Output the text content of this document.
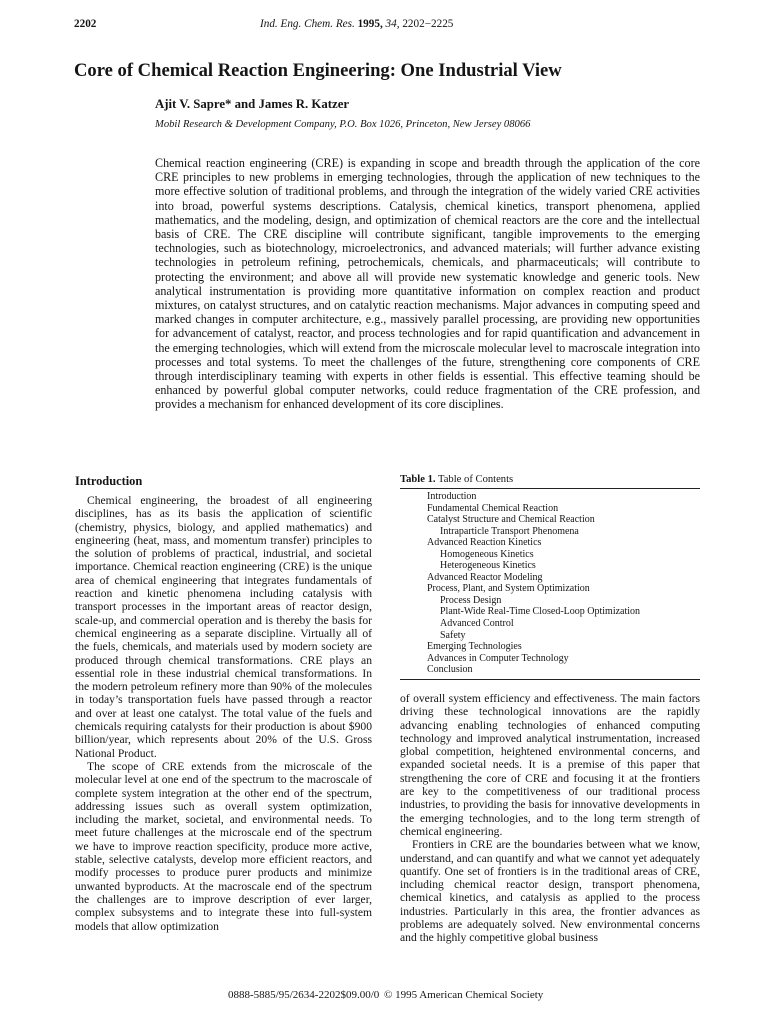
2202	Ind. Eng. Chem. Res. 1995, 34, 2202−2225
Core of Chemical Reaction Engineering: One Industrial View
Ajit V. Sapre* and James R. Katzer
Mobil Research & Development Company, P.O. Box 1026, Princeton, New Jersey 08066

Chemical reaction engineering (CRE) is expanding in scope and breadth through the application of the core CRE principles to new problems in emerging technologies, through the application of new techniques to the more effective solution of traditional problems, and through the integration of the widely varied CRE activities into broad, powerful systems descriptions. Catalysis, chemical kinetics, transport phenomena, applied mathematics, and the modeling, design, and optimization of chemical reactors are the core and the intellectual basis of CRE. The CRE discipline will contribute significant, tangible improvements to the emerging technologies, such as biotechnology, microelectronics, and advanced materials; will further advance existing technologies in petroleum refining, petrochemicals, chemicals, and pharmaceuticals; will contribute to protecting the environment; and above all will provide new systematic knowledge and generic tools. New analytical instrumentation is providing more quantitative information on complex reaction and product mixtures, on catalyst structures, and on catalytic reaction mechanisms. Major advances in computing speed and marked changes in computer architecture, e.g., massively parallel processing, are providing new opportunities for advancement of catalyst, reactor, and process technologies and for rapid quantification and advancement in the emerging technologies, which will extend from the microscale molecular level to macroscale integration into processes and total systems. To meet the challenges of the future, strengthening core components of CRE through interdisciplinary teaming with experts in other fields is essential. This effective teaming should be enhanced by powerful global computer networks, could reduce fragmentation of the CRE profession, and provides a mechanism for enhanced development of its core disciplines.

Introduction

Chemical engineering, the broadest of all engineering disciplines, has as its basis the application of scientific (chemistry, physics, biology, and applied mathematics) and engineering (heat, mass, and momentum transfer) principles to the solution of problems of practical, industrial, and societal importance. Chemical reaction engineering (CRE) is the unique area of chemical engineering that integrates fundamentals of reaction and kinetic phenomena including catalysis with transport processes in the important areas of reactor design, scale-up, and commercial operation and is thereby the basis for chemical engineering as a separate discipline. Virtually all of the fuels, chemicals, and materials used by modern society are produced through chemical transformations. CRE plays an essential role in these industrial chemical transformations. In the modern petroleum refinery more than 90% of the molecules in today’s transportation fuels have passed through a reactor and over at least one catalyst. The total value of the fuels and chemicals requiring catalysts for their production is about $900 billion/year, which represents about 20% of the U.S. Gross National Product.

The scope of CRE extends from the microscale of the molecular level at one end of the spectrum to the macroscale of complete system integration at the other end of the spectrum, addressing issues such as overall system optimization, including the market, societal, and environmental needs. To meet future challenges at the microscale end of the spectrum we have to improve reaction specificity, produce more active, stable, selective catalysts, develop more efficient reactors, and modify processes to produce purer products and minimize unwanted byproducts. At the macroscale end of the spectrum the challenges are to improve description of ever larger, complex subsystems and to integrate these into full-system models that allow optimization

Table 1. Table of Contents
Introduction
Fundamental Chemical Reaction
Catalyst Structure and Chemical Reaction
Intraparticle Transport Phenomena
Advanced Reaction Kinetics
Homogeneous Kinetics
Heterogeneous Kinetics
Advanced Reactor Modeling
Process, Plant, and System Optimization
Process Design
Plant-Wide Real-Time Closed-Loop Optimization
Advanced Control
Safety
Emerging Technologies
Advances in Computer Technology
Conclusion

of overall system efficiency and effectiveness. The main factors driving these technological innovations are the rapidly advancing enabling technologies of enhanced computing technology and improved analytical instrumentation, increased global competition, heightened environmental concerns, and expanded societal needs. It is a premise of this paper that strengthening the core of CRE and focusing it at the frontiers are key to the competitiveness of our traditional process industries, to providing the basis for innovative developments in the emerging technologies, and to the long term strength of chemical engineering.

Frontiers in CRE are the boundaries between what we know, understand, and can quantify and what we cannot yet adequately quantify. One set of frontiers is in the traditional areas of CRE, including chemical reactor design, transport phenomena, chemical kinetics, and catalysis as applied to the process industries. Particularly in this area, the frontier advances as problems are adequately solved. New environmental concerns and the highly competitive global business

0888-5885/95/2634-2202$09.00/0 © 1995 American Chemical Society
